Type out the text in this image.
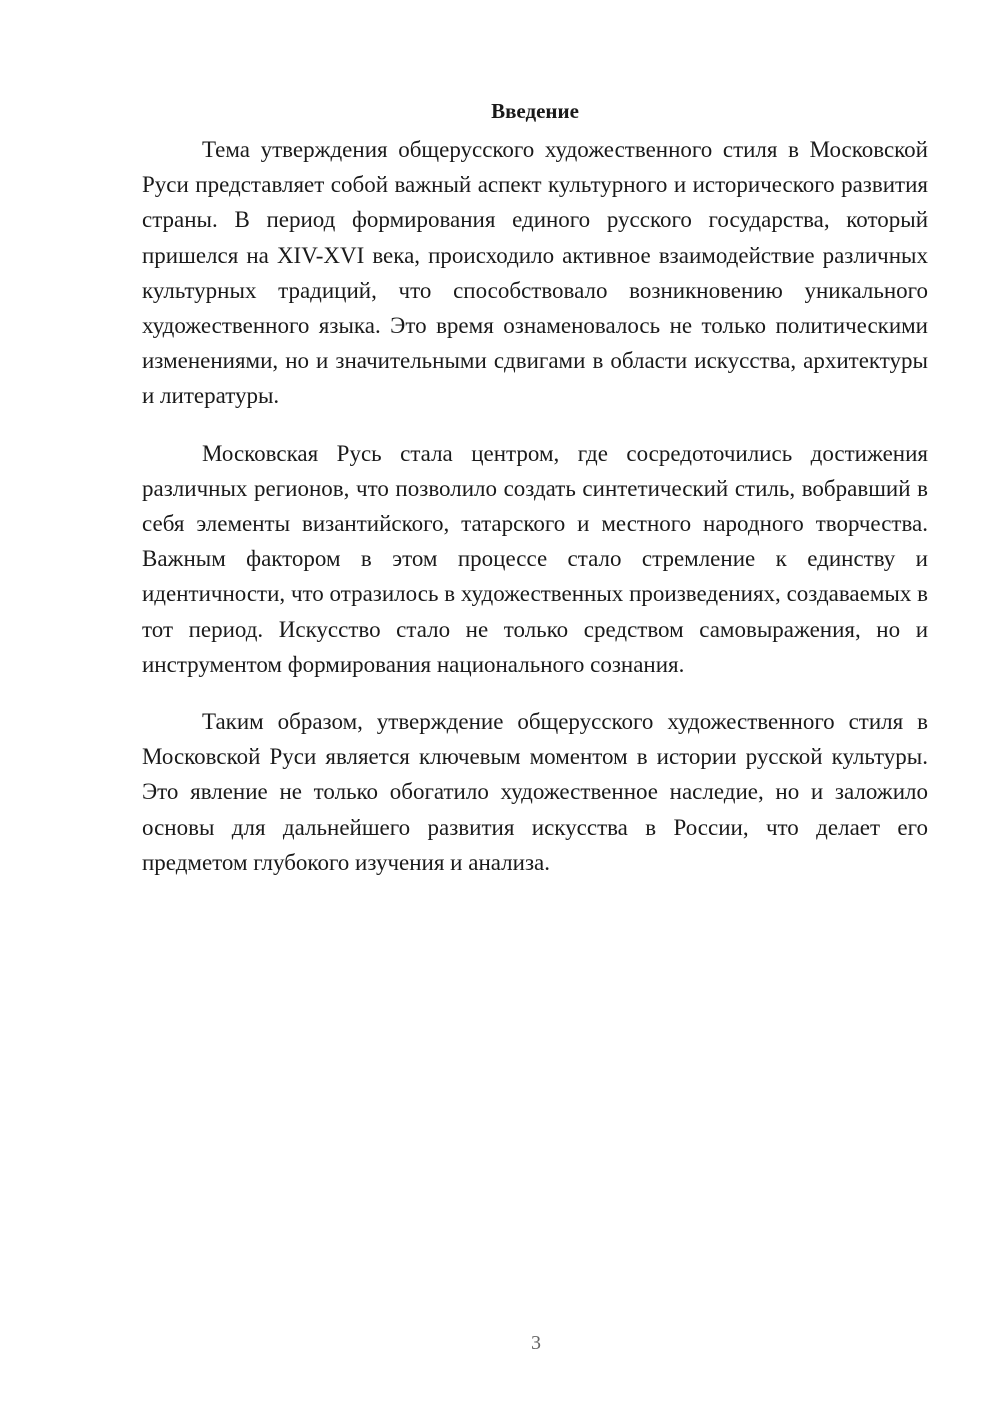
Введение

Тема утверждения общерусского художественного стиля в Московской Руси представляет собой важный аспект культурного и исторического развития страны. В период формирования единого русского государства, который пришелся на XIV-XVI века, происходило активное взаимодействие различных культурных традиций, что способствовало возникновению уникального художественного языка. Это время ознаменовалось не только политическими изменениями, но и значительными сдвигами в области искусства, архитектуры и литературы.

Московская Русь стала центром, где сосредоточились достижения различных регионов, что позволило создать синтетический стиль, вобравший в себя элементы византийского, татарского и местного народного творчества. Важным фактором в этом процессе стало стремление к единству и идентичности, что отразилось в художественных произведениях, создаваемых в тот период. Искусство стало не только средством самовыражения, но и инструментом формирования национального сознания.

Таким образом, утверждение общерусского художественного стиля в Московской Руси является ключевым моментом в истории русской культуры. Это явление не только обогатило художественное наследие, но и заложило основы для дальнейшего развития искусства в России, что делает его предметом глубокого изучения и анализа.

3
